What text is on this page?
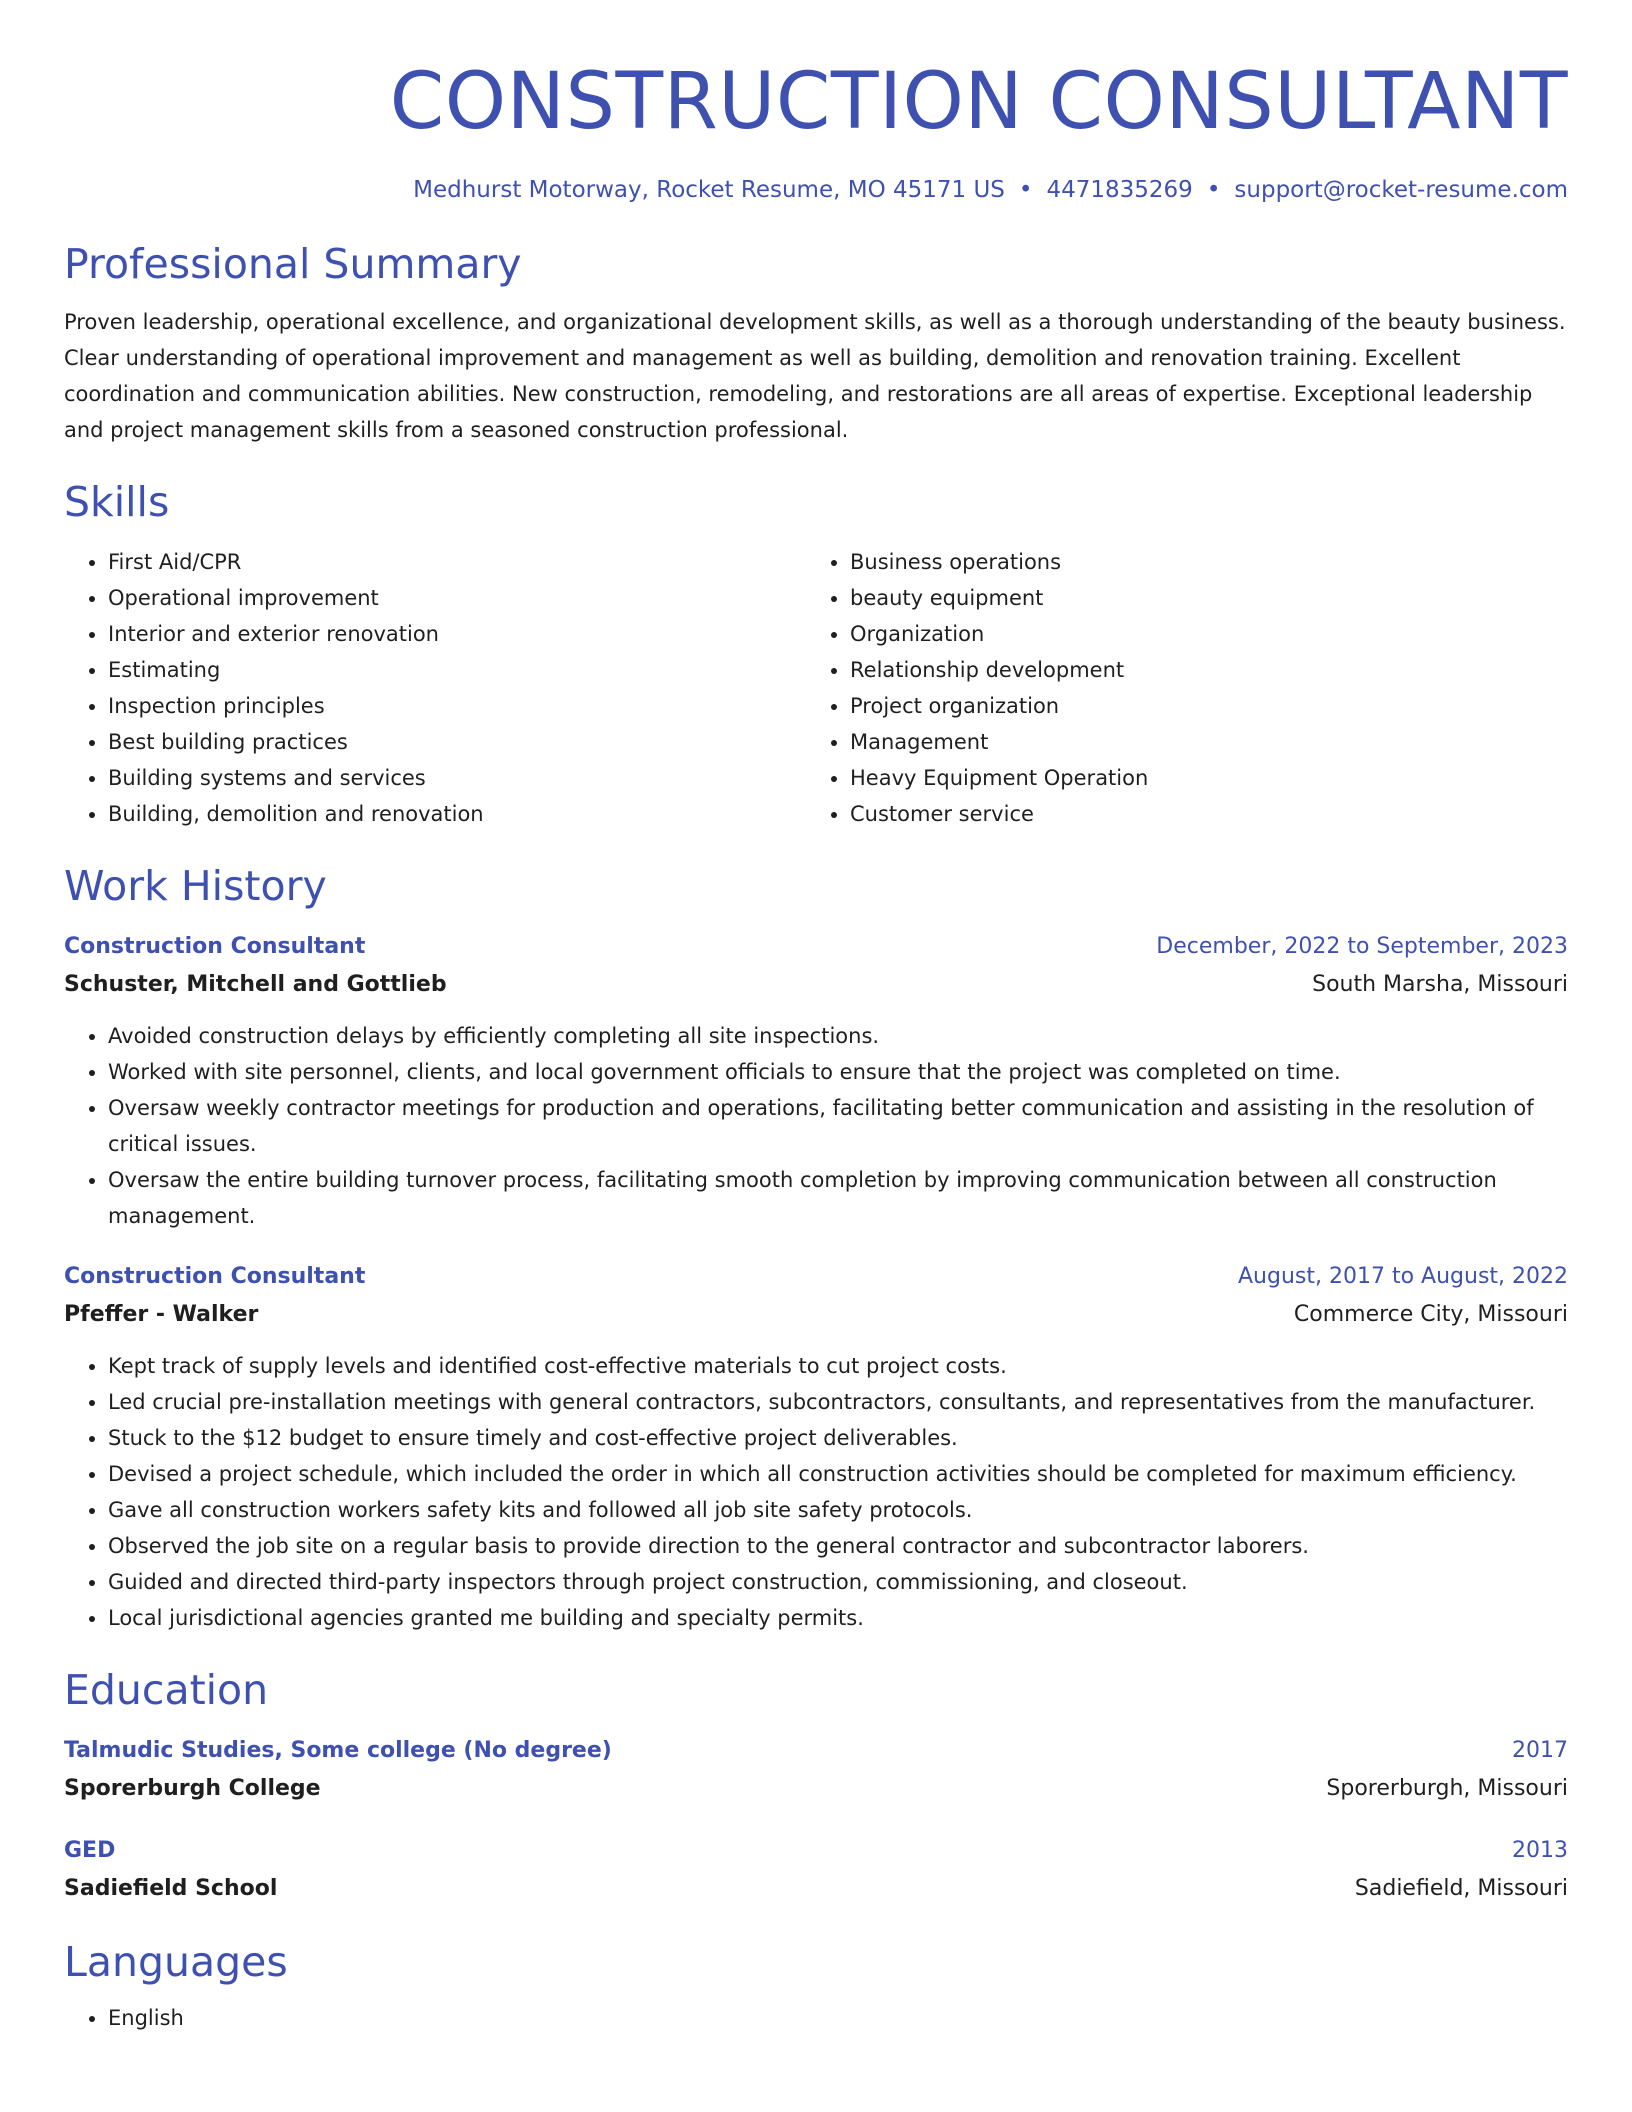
CONSTRUCTION CONSULTANT
Medhurst Motorway, Rocket Resume, MO 45171 US • 4471835269 • support@rocket-resume.com
Professional Summary

Proven leadership, operational excellence, and organizational development skills, as well as a thorough understanding of the beauty business. Clear understanding of operational improvement and management as well as building, demolition and renovation training. Excellent coordination and communication abilities. New construction, remodeling, and restorations are all areas of expertise. Exceptional leadership and project management skills from a seasoned construction professional.

Skills
• First Aid/CPR
• Operational improvement
• Interior and exterior renovation
• Estimating
• Inspection principles
• Best building practices
• Building systems and services
• Building, demolition and renovation
• Business operations
• beauty equipment
• Organization
• Relationship development
• Project organization
• Management
• Heavy Equipment Operation
• Customer service
Work History
Construction Consultant	December, 2022 to September, 2023
Schuster, Mitchell and Gottlieb	South Marsha, Missouri
• Avoided construction delays by efficiently completing all site inspections.
• Worked with site personnel, clients, and local government officials to ensure that the project was completed on time.
• Oversaw weekly contractor meetings for production and operations, facilitating better communication and assisting in the resolution of critical issues.
• Oversaw the entire building turnover process, facilitating smooth completion by improving communication between all construction management.
Construction Consultant	August, 2017 to August, 2022
Pfeffer - Walker	Commerce City, Missouri
• Kept track of supply levels and identified cost-effective materials to cut project costs.
• Led crucial pre-installation meetings with general contractors, subcontractors, consultants, and representatives from the manufacturer.
• Stuck to the $12 budget to ensure timely and cost-effective project deliverables.
• Devised a project schedule, which included the order in which all construction activities should be completed for maximum efficiency.
• Gave all construction workers safety kits and followed all job site safety protocols.
• Observed the job site on a regular basis to provide direction to the general contractor and subcontractor laborers.
• Guided and directed third-party inspectors through project construction, commissioning, and closeout.
• Local jurisdictional agencies granted me building and specialty permits.
Education
Talmudic Studies, Some college (No degree)	2017
Sporerburgh College	Sporerburgh, Missouri
GED	2013
Sadiefield School	Sadiefield, Missouri
Languages
• English
